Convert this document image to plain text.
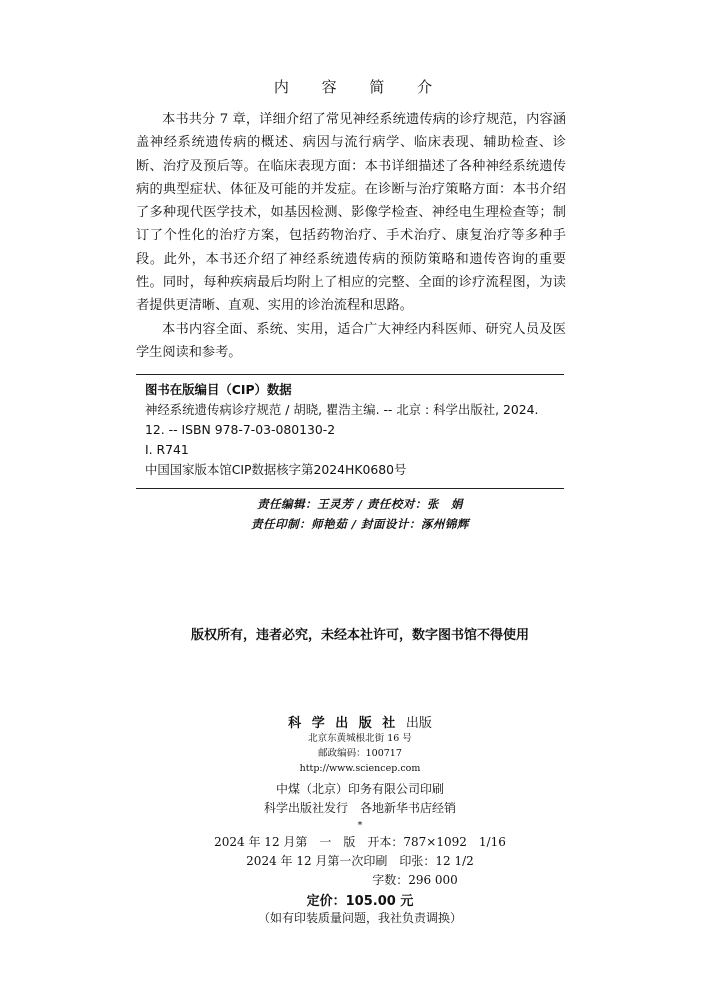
内 容 简 介

本书共分 7 章，详细介绍了常见神经系统遗传病的诊疗规范，内容涵盖神经系统遗传病的概述、病因与流行病学、临床表现、辅助检查、诊断、治疗及预后等。在临床表现方面：本书详细描述了各种神经系统遗传病的典型症状、体征及可能的并发症。在诊断与治疗策略方面：本书介绍了多种现代医学技术，如基因检测、影像学检查、神经电生理检查等；制订了个性化的治疗方案，包括药物治疗、手术治疗、康复治疗等多种手段。此外，本书还介绍了神经系统遗传病的预防策略和遗传咨询的重要性。同时，每种疾病最后均附上了相应的完整、全面的诊疗流程图，为读者提供更清晰、直观、实用的诊治流程和思路。

本书内容全面、系统、实用，适合广大神经内科医师、研究人员及医学生阅读和参考。

图书在版编目（CIP）数据
神经系统遗传病诊疗规范 / 胡晓, 瞿浩主编. -- 北京 : 科学出版社, 2024.
12. -- ISBN 978-7-03-080130-2
Ⅰ. R741
中国国家版本馆CIP数据核字第2024HK0680号
责任编辑：王灵芳 / 责任校对：张　娟
责任印制：师艳茹 / 封面设计：涿州锦辉
版权所有，违者必究，未经本社许可，数字图书馆不得使用
科 学 出 版 社 出版
北京东黄城根北街 16 号
邮政编码：100717
http://www.sciencep.com
中煤（北京）印务有限公司印刷
科学出版社发行　各地新华书店经销
*
2024 年 12 月第　一　版　开本：787×1092　1/16
2024 年 12 月第一次印刷　印张：12 1/2
字数：296 000
定价：105.00 元
（如有印装质量问题，我社负责调换）
